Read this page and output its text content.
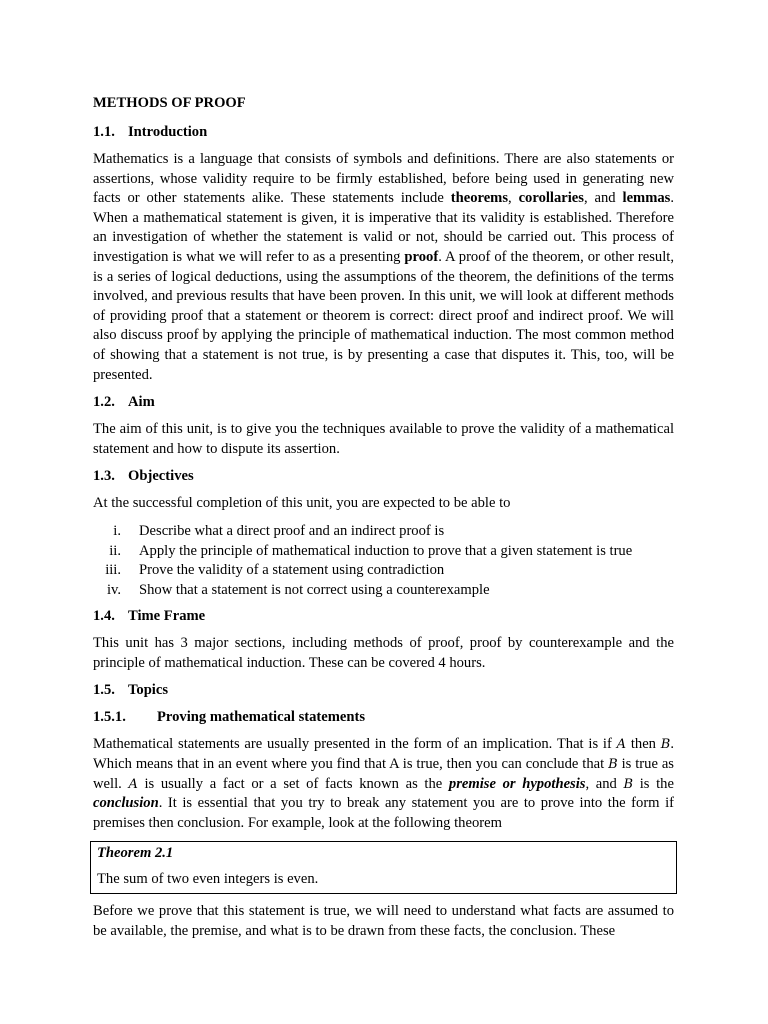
METHODS OF PROOF
1.1. Introduction

Mathematics is a language that consists of symbols and definitions. There are also statements or assertions, whose validity require to be firmly established, before being used in generating new facts or other statements alike. These statements include theorems, corollaries, and lemmas. When a mathematical statement is given, it is imperative that its validity is established. Therefore an investigation of whether the statement is valid or not, should be carried out. This process of investigation is what we will refer to as a presenting proof. A proof of the theorem, or other result, is a series of logical deductions, using the assumptions of the theorem, the definitions of the terms involved, and previous results that have been proven. In this unit, we will look at different methods of providing proof that a statement or theorem is correct: direct proof and indirect proof. We will also discuss proof by applying the principle of mathematical induction. The most common method of showing that a statement is not true, is by presenting a case that disputes it. This, too, will be presented.

1.2. Aim

The aim of this unit, is to give you the techniques available to prove the validity of a mathematical statement and how to dispute its assertion.

1.3. Objectives

At the successful completion of this unit, you are expected to be able to

i. Describe what a direct proof and an indirect proof is
ii. Apply the principle of mathematical induction to prove that a given statement is true
iii. Prove the validity of a statement using contradiction
iv. Show that a statement is not correct using a counterexample
1.4. Time Frame

This unit has 3 major sections, including methods of proof, proof by counterexample and the principle of mathematical induction. These can be covered 4 hours.

1.5. Topics
1.5.1. Proving mathematical statements

Mathematical statements are usually presented in the form of an implication. That is if A then B. Which means that in an event where you find that A is true, then you can conclude that B is true as well. A is usually a fact or a set of facts known as the premise or hypothesis, and B is the conclusion. It is essential that you try to break any statement you are to prove into the form if premises then conclusion. For example, look at the following theorem

Theorem 2.1
The sum of two even integers is even.

Before we prove that this statement is true, we will need to understand what facts are assumed to be available, the premise, and what is to be drawn from these facts, the conclusion. These
